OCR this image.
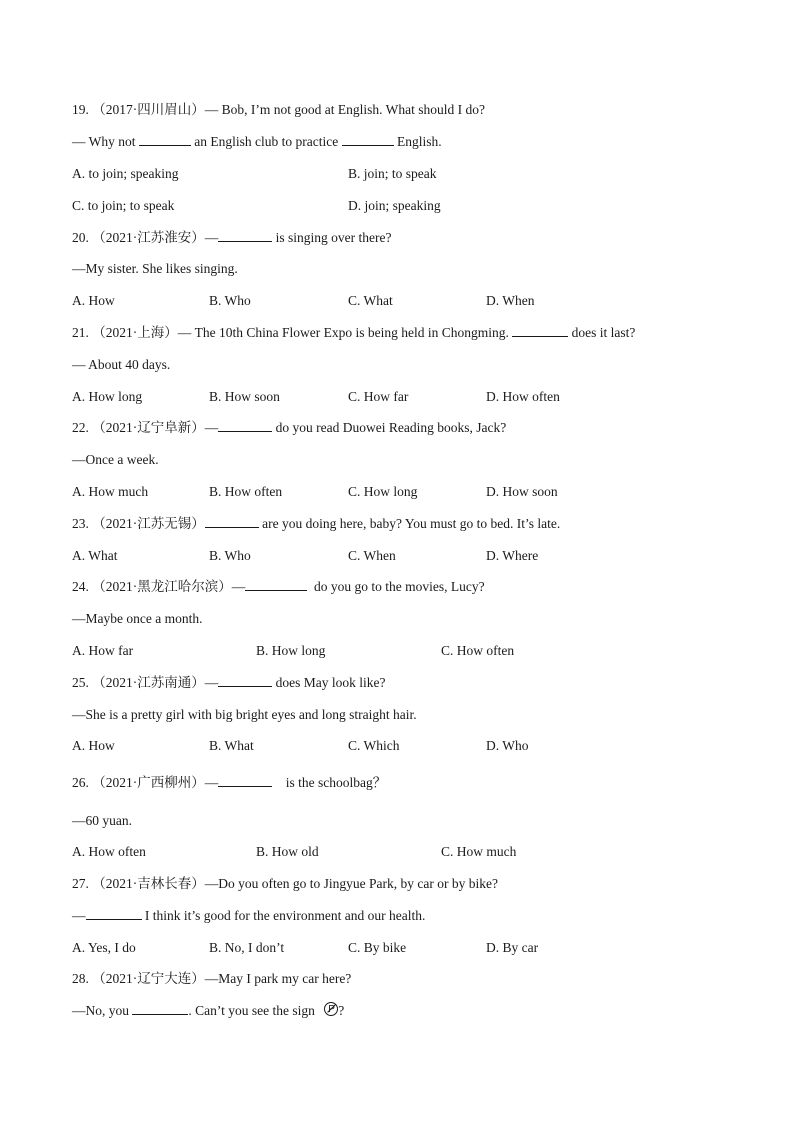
19. （2017·四川眉山）— Bob, I’m not good at English. What should I do?
— Why not	an English club to practice	English.
A. to join; speaking	B. join; to speak
C. to join; to speak	D. join; speaking
20. （2021·江苏淮安）—	is singing over there?
—My sister. She likes singing.
A. How	B. Who	C. What	D. When
21. （2021·上海）— The 10th China Flower Expo is being held in Chongming.	does it last?
— About 40 days.
A. How long	B. How soon	C. How far	D. How often
22. （2021·辽宁阜新）—	do you read Duowei Reading books, Jack?
—Once a week.
A. How much	B. How often	C. How long	D. How soon
23. （2021·江苏无锡）	are you doing here, baby? You must go to bed. It’s late.
A. What	B. Who	C. When	D. Where
24. （2021·黑龙江哈尔滨）—	do you go to the movies, Lucy?
—Maybe once a month.
A. How far	B. How long	C. How often
25. （2021·江苏南通）—	does May look like?
—She is a pretty girl with big bright eyes and long straight hair.
A. How	B. What	C. Which	D. Who
26. （2021·广西柳州）—	is the schoolbag？
—60 yuan.
A. How often	B. How old	C. How much
27. （2021·吉林长春）—Do you often go to Jingyue Park, by car or by bike?
—	I think it’s good for the environment and our health.
A. Yes, I do	B. No, I don’t	C. By bike	D. By car
28. （2021·辽宁大连）—May I park my car here?
—No, you	. Can’t you see the sign P ?
